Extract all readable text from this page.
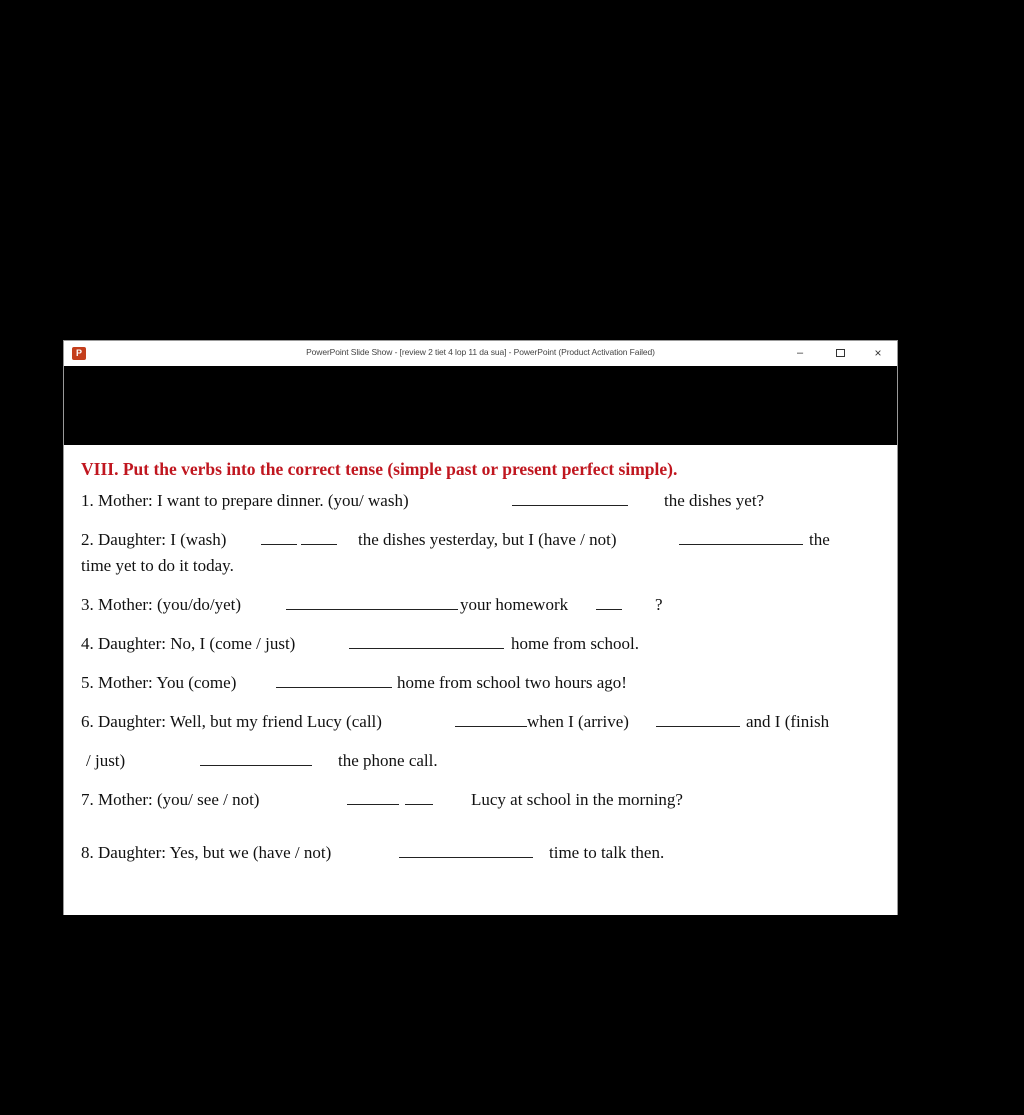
P	PowerPoint Slide Show - [review 2 tiet 4 lop 11 da sua] - PowerPoint (Product Activation Failed)	–	×
VIII. Put the verbs into the correct tense (simple past or present perfect simple).
1. Mother: I want to prepare dinner. (you/ wash)	the dishes yet?
2. Daughter: I (wash)	the dishes yesterday, but I (have / not)	the
time yet to do it today.
3. Mother: (you/do/yet)	your homework	?
4. Daughter: No, I (come / just)	home from school.
5. Mother: You (come)	home from school two hours ago!
6. Daughter: Well, but my friend Lucy (call)	when I (arrive)	and I (finish
/ just)	the phone call.
7. Mother: (you/ see / not)	Lucy at school in the morning?
8. Daughter: Yes, but we (have / not)	time to talk then.
